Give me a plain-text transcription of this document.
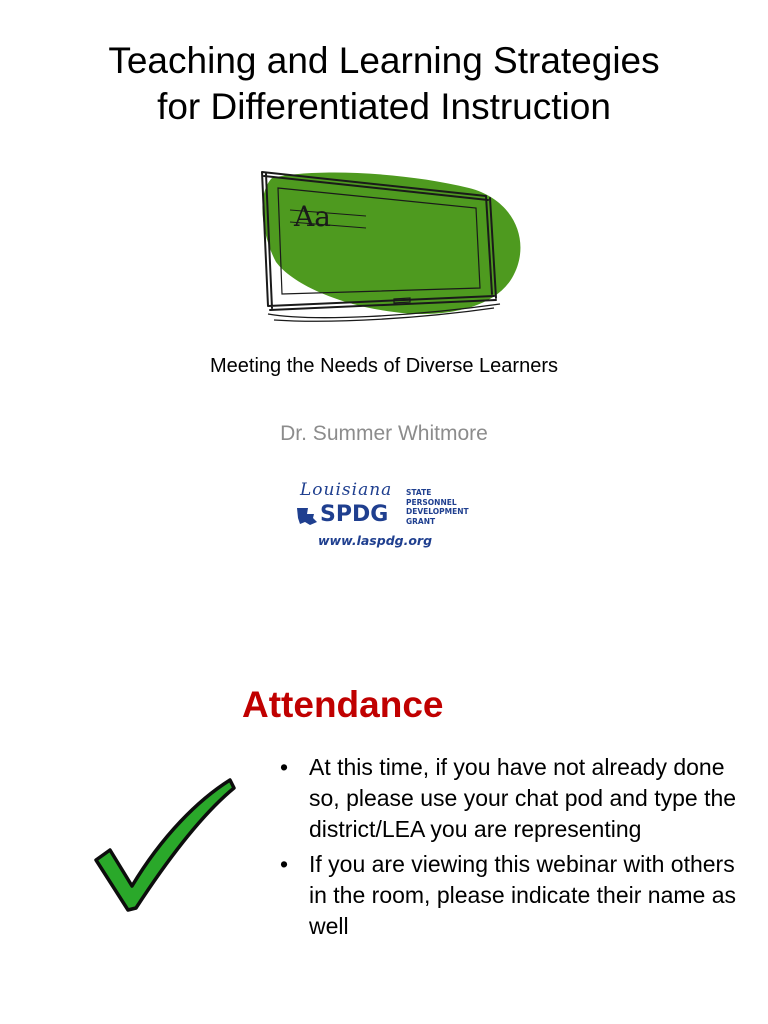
Teaching and Learning Strategies
for Differentiated Instruction
Aa
Meeting the Needs of Diverse Learners
Dr. Summer Whitmore
Louisiana
SPDG
STATE
PERSONNEL
DEVELOPMENT
GRANT
www.laspdg.org
Attendance
• At this time, if you have not already done so, please use your chat pod and type the district/LEA you are representing
• If you are viewing this webinar with others in the room, please indicate their name as well
